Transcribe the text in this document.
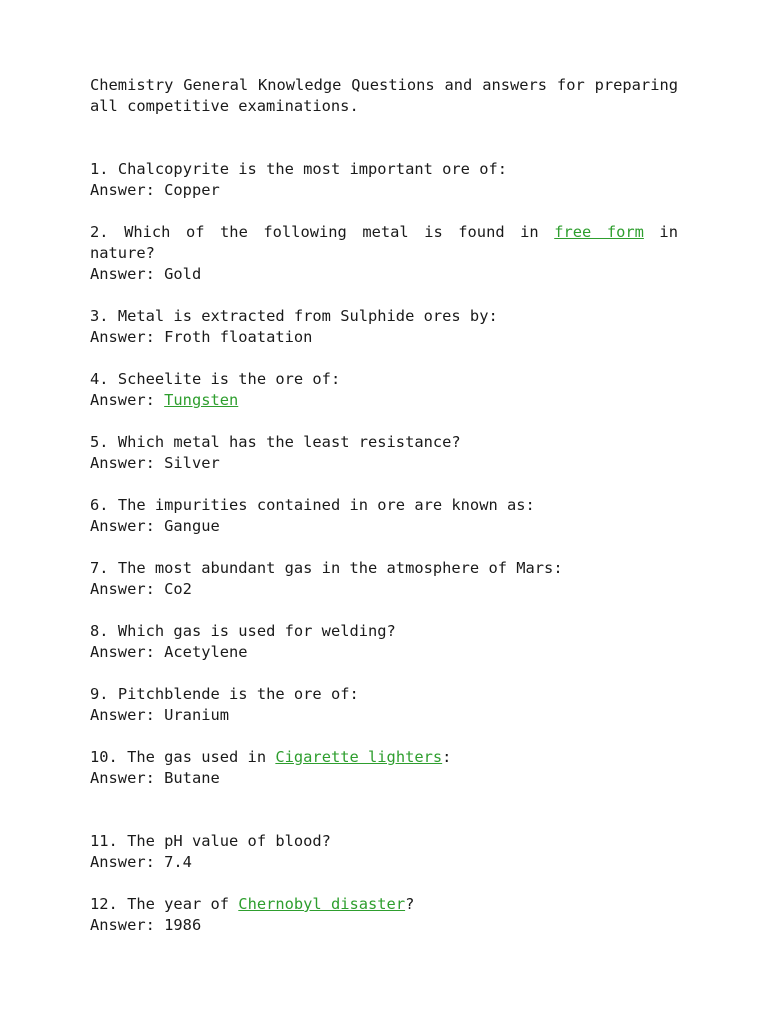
Chemistry General Knowledge Questions and answers for preparing all competitive examinations.

1. Chalcopyrite is the most important ore of:

Answer: Copper

2. Which of the following metal is found in free form in nature?

Answer: Gold

3. Metal is extracted from Sulphide ores by:

Answer: Froth floatation

4. Scheelite is the ore of:

Answer: Tungsten

5. Which metal has the least resistance?

Answer: Silver

6. The impurities contained in ore are known as:

Answer: Gangue

7. The most abundant gas in the atmosphere of Mars:

Answer: Co2

8. Which gas is used for welding?

Answer: Acetylene

9. Pitchblende is the ore of:

Answer: Uranium

10. The gas used in Cigarette lighters:

Answer: Butane

11. The pH value of blood?

Answer: 7.4

12. The year of Chernobyl disaster?

Answer: 1986
